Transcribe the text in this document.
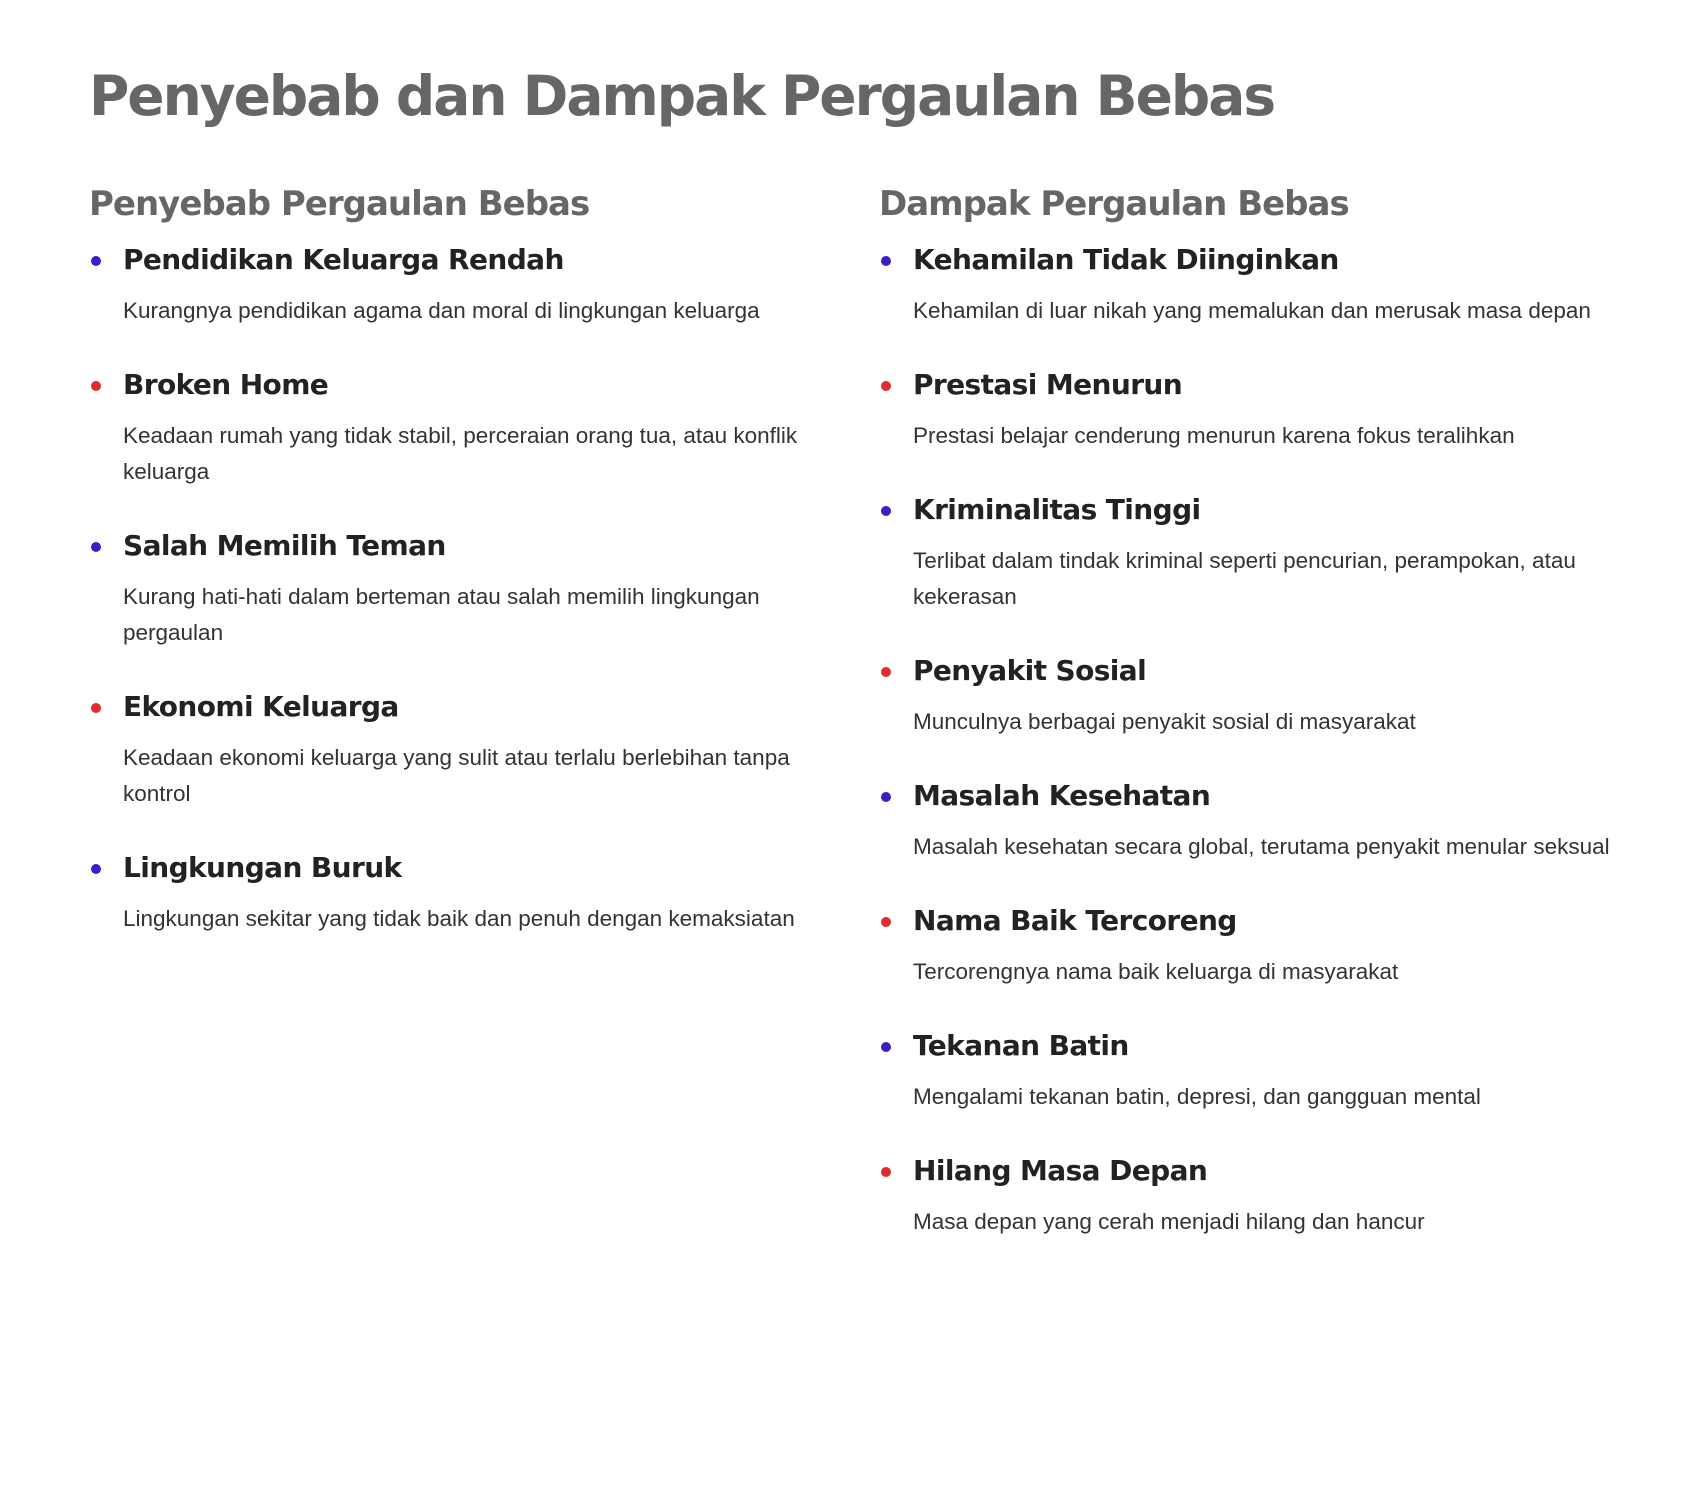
Penyebab dan Dampak Pergaulan Bebas
Penyebab Pergaulan Bebas
Pendidikan Keluarga Rendah

Kurangnya pendidikan agama dan moral di lingkungan keluarga

Broken Home

Keadaan rumah yang tidak stabil, perceraian orang tua, atau konflik keluarga

Salah Memilih Teman

Kurang hati-hati dalam berteman atau salah memilih lingkungan pergaulan

Ekonomi Keluarga

Keadaan ekonomi keluarga yang sulit atau terlalu berlebihan tanpa kontrol

Lingkungan Buruk

Lingkungan sekitar yang tidak baik dan penuh dengan kemaksiatan

Dampak Pergaulan Bebas
Kehamilan Tidak Diinginkan

Kehamilan di luar nikah yang memalukan dan merusak masa depan

Prestasi Menurun

Prestasi belajar cenderung menurun karena fokus teralihkan

Kriminalitas Tinggi

Terlibat dalam tindak kriminal seperti pencurian, perampokan, atau kekerasan

Penyakit Sosial

Munculnya berbagai penyakit sosial di masyarakat

Masalah Kesehatan

Masalah kesehatan secara global, terutama penyakit menular seksual

Nama Baik Tercoreng

Tercorengnya nama baik keluarga di masyarakat

Tekanan Batin

Mengalami tekanan batin, depresi, dan gangguan mental

Hilang Masa Depan

Masa depan yang cerah menjadi hilang dan hancur
